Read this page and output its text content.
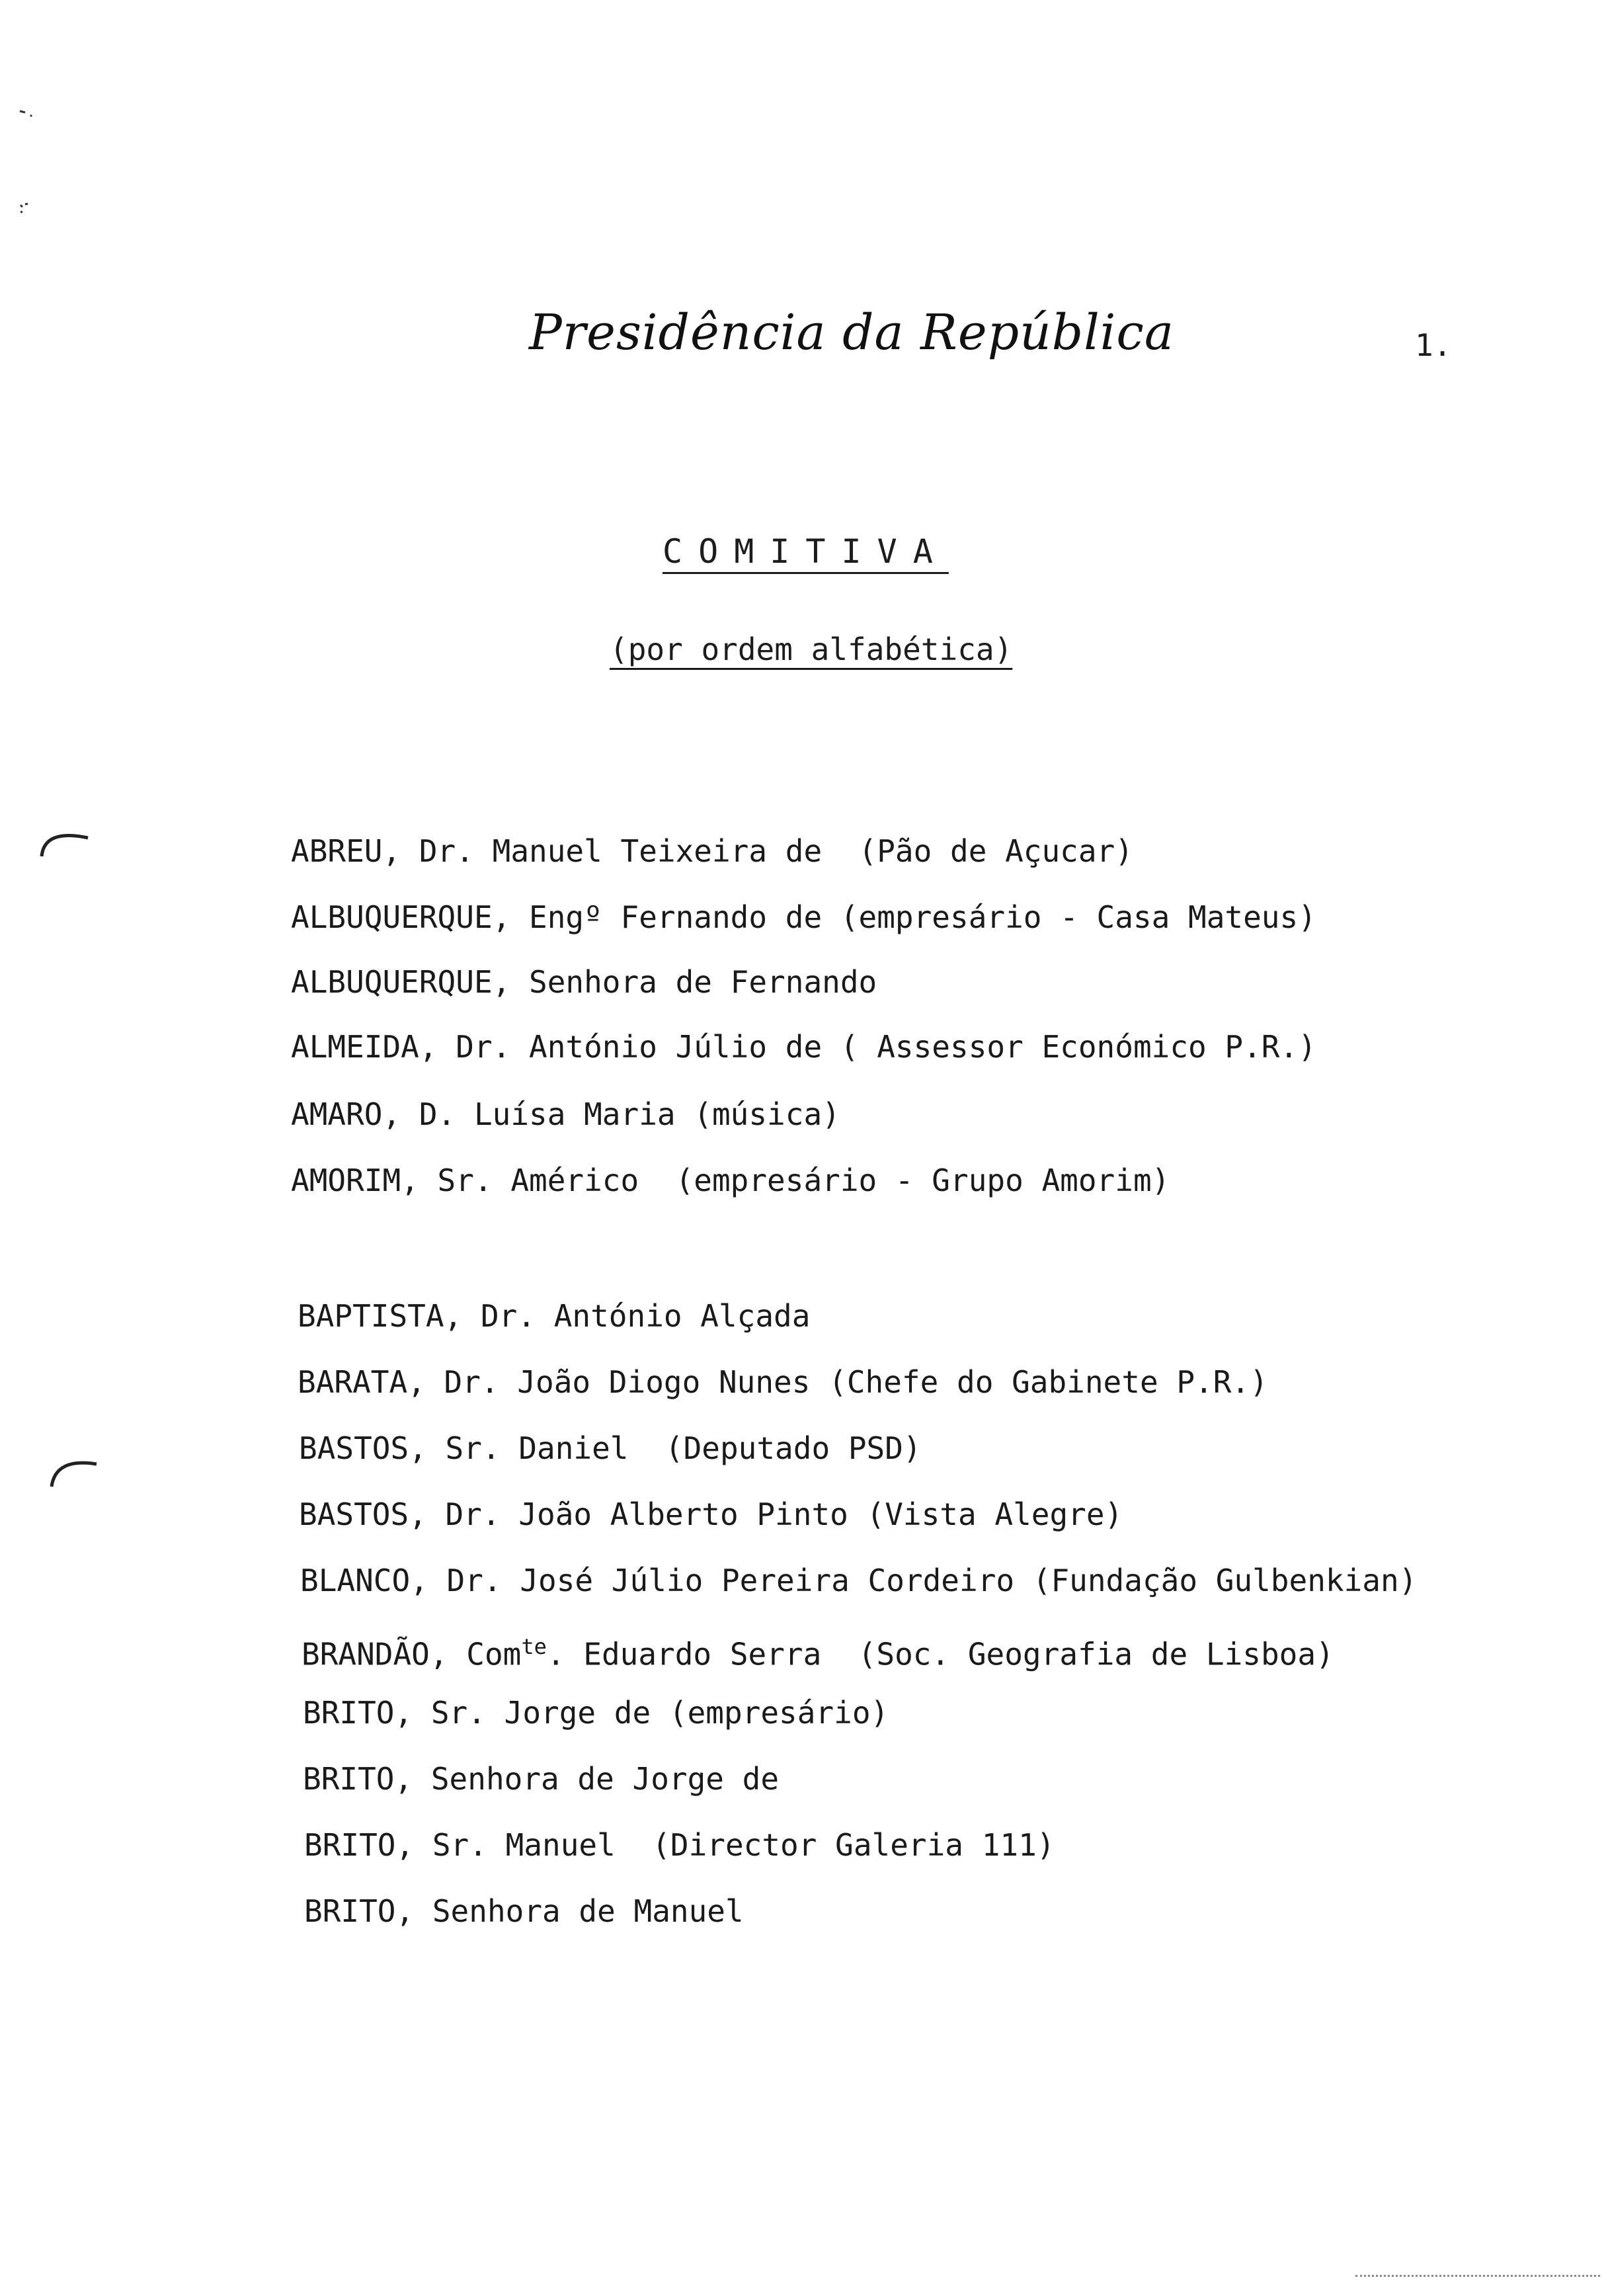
Presidência da República	1.
COMITIVA
(por ordem alfabética)
ABREU, Dr. Manuel Teixeira de  (Pão de Açucar)
ALBUQUERQUE, Engº Fernando de (empresário - Casa Mateus)
ALBUQUERQUE, Senhora de Fernando
ALMEIDA, Dr. António Júlio de ( Assessor Económico P.R.)
AMARO, D. Luísa Maria (música)
AMORIM, Sr. Américo  (empresário - Grupo Amorim)
BAPTISTA, Dr. António Alçada
BARATA, Dr. João Diogo Nunes (Chefe do Gabinete P.R.)
BASTOS, Sr. Daniel  (Deputado PSD)
BASTOS, Dr. João Alberto Pinto (Vista Alegre)
BLANCO, Dr. José Júlio Pereira Cordeiro (Fundação Gulbenkian)
BRANDÃO, Com$^{te}$. Eduardo Serra  (Soc. Geografia de Lisboa)
BRITO, Sr. Jorge de (empresário)
BRITO, Senhora de Jorge de
BRITO, Sr. Manuel  (Director Galeria 111)
BRITO, Senhora de Manuel
